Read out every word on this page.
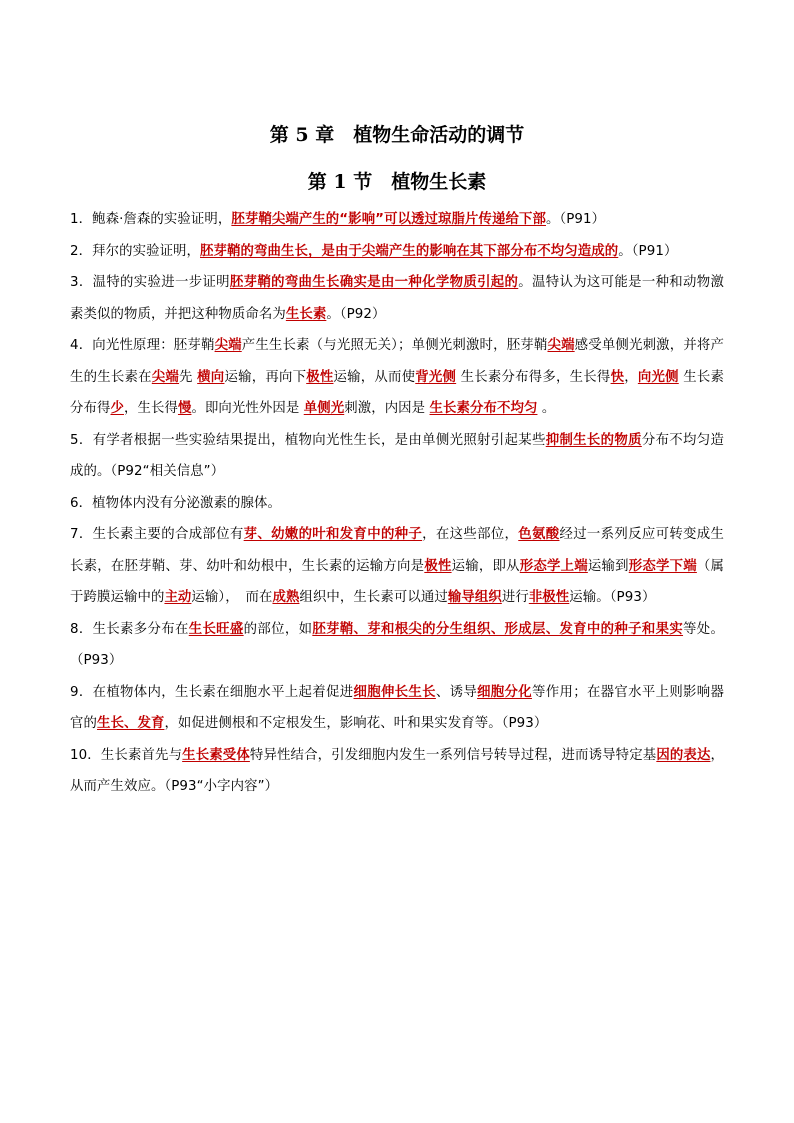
第 5 章　植物生命活动的调节
第 1 节　植物生长素

1．鲍森·詹森的实验证明，胚芽鞘尖端产生的“影响”可以透过琼脂片传递给下部。（P91）

2．拜尔的实验证明，胚芽鞘的弯曲生长，是由于尖端产生的影响在其下部分布不均匀造成的。（P91）

3．温特的实验进一步证明胚芽鞘的弯曲生长确实是由一种化学物质引起的。温特认为这可能是一种和动物激素类似的物质，并把这种物质命名为生长素。（P92）

4．向光性原理：胚芽鞘尖端产生生长素（与光照无关）；单侧光刺激时，胚芽鞘尖端感受单侧光刺激，并将产生的生长素在尖端先 横向运输，再向下极性运输，从而使背光侧 生长素分布得多，生长得快，向光侧 生长素分布得少，生长得慢。即向光性外因是 单侧光刺激，内因是 生长素分布不均匀 。

5．有学者根据一些实验结果提出，植物向光性生长，是由单侧光照射引起某些抑制生长的物质分布不均匀造成的。（P92“相关信息”）

6．植物体内没有分泌激素的腺体。

7．生长素主要的合成部位有芽、幼嫩的叶和发育中的种子，在这些部位，色氨酸经过一系列反应可转变成生长素，在胚芽鞘、芽、幼叶和幼根中，生长素的运输方向是极性运输，即从形态学上端运输到形态学下端（属于跨膜运输中的主动运输），　而在成熟组织中，生长素可以通过输导组织进行非极性运输。（P93）

8．生长素多分布在生长旺盛的部位，如胚芽鞘、芽和根尖的分生组织、形成层、发育中的种子和果实等处。（P93）

9．在植物体内，生长素在细胞水平上起着促进细胞伸长生长、诱导细胞分化等作用；在器官水平上则影响器官的生长、发育，如促进侧根和不定根发生，影响花、叶和果实发育等。（P93）

10．生长素首先与生长素受体特异性结合，引发细胞内发生一系列信号转导过程，进而诱导特定基因的表达，从而产生效应。（P93“小字内容”）
